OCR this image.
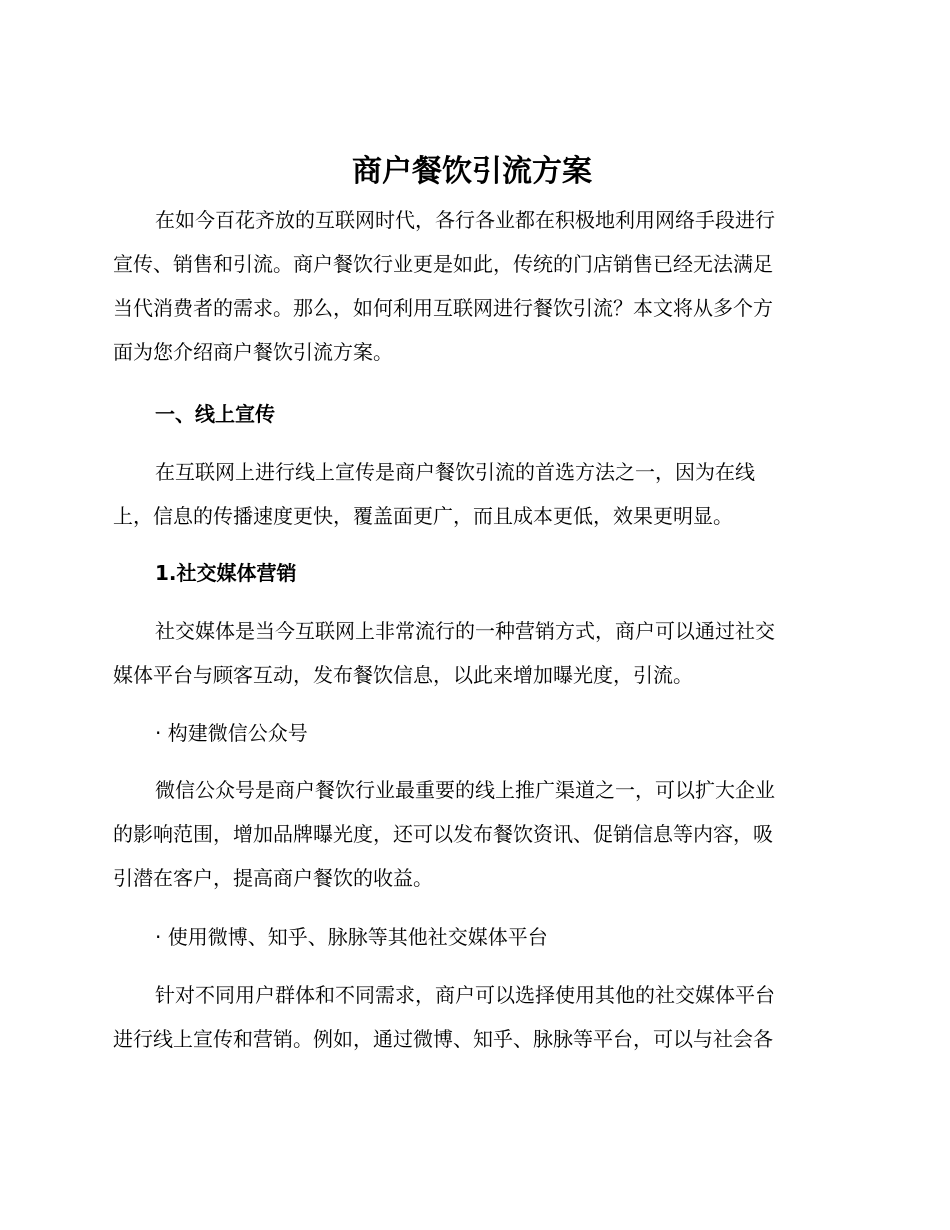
商户餐饮引流方案
在如今百花齐放的互联网时代，各行各业都在积极地利用网络手段进行
宣传、销售和引流。商户餐饮行业更是如此，传统的门店销售已经无法满足
当代消费者的需求。那么，如何利用互联网进行餐饮引流？本文将从多个方
面为您介绍商户餐饮引流方案。
一、线上宣传
在互联网上进行线上宣传是商户餐饮引流的首选方法之一，因为在线
上，信息的传播速度更快，覆盖面更广，而且成本更低，效果更明显。
1.社交媒体营销
社交媒体是当今互联网上非常流行的一种营销方式，商户可以通过社交
媒体平台与顾客互动，发布餐饮信息，以此来增加曝光度，引流。

· 构建微信公众号

微信公众号是商户餐饮行业最重要的线上推广渠道之一，可以扩大企业
的影响范围，增加品牌曝光度，还可以发布餐饮资讯、促销信息等内容，吸
引潜在客户，提高商户餐饮的收益。

· 使用微博、知乎、脉脉等其他社交媒体平台

针对不同用户群体和不同需求，商户可以选择使用其他的社交媒体平台
进行线上宣传和营销。例如，通过微博、知乎、脉脉等平台，可以与社会各
